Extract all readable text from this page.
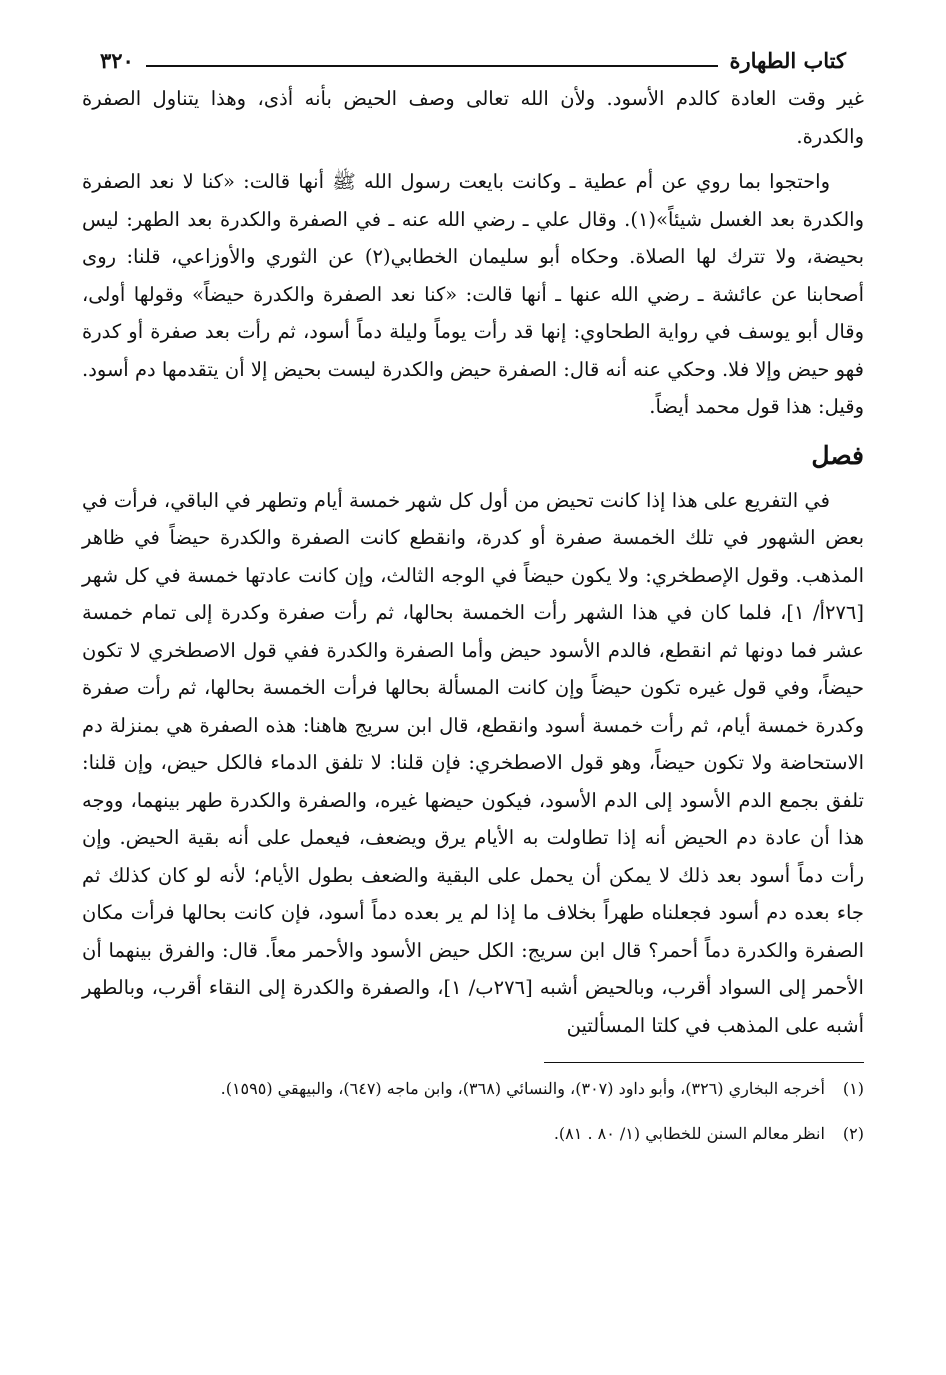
كتاب الطهارة
٣٢٠

غير وقت العادة كالدم الأسود. ولأن الله تعالى وصف الحيض بأنه أذى، وهذا يتناول الصفرة والكدرة.

واحتجوا بما روي عن أم عطية ـ وكانت بايعت رسول الله ﷺ أنها قالت: «كنا لا نعد الصفرة والكدرة بعد الغسل شيئاً»(١). وقال علي ـ رضي الله عنه ـ في الصفرة والكدرة بعد الطهر: ليس بحيضة، ولا تترك لها الصلاة. وحكاه أبو سليمان الخطابي(٢) عن الثوري والأوزاعي، قلنا: روى أصحابنا عن عائشة ـ رضي الله عنها ـ أنها قالت: «كنا نعد الصفرة والكدرة حيضاً» وقولها أولى، وقال أبو يوسف في رواية الطحاوي: إنها قد رأت يوماً وليلة دماً أسود، ثم رأت بعد صفرة أو كدرة فهو حيض وإلا فلا. وحكي عنه أنه قال: الصفرة حيض والكدرة ليست بحيض إلا أن يتقدمها دم أسود. وقيل: هذا قول محمد أيضاً.

فصل

في التفريع على هذا إذا كانت تحيض من أول كل شهر خمسة أيام وتطهر في الباقي، فرأت في بعض الشهور في تلك الخمسة صفرة أو كدرة، وانقطع كانت الصفرة والكدرة حيضاً في ظاهر المذهب. وقول الإصطخري: ولا يكون حيضاً في الوجه الثالث، وإن كانت عادتها خمسة في كل شهر [٢٧٦أ/ ١]، فلما كان في هذا الشهر رأت الخمسة بحالها، ثم رأت صفرة وكدرة إلى تمام خمسة عشر فما دونها ثم انقطع، فالدم الأسود حيض وأما الصفرة والكدرة ففي قول الاصطخري لا تكون حيضاً، وفي قول غيره تكون حيضاً وإن كانت المسألة بحالها فرأت الخمسة بحالها، ثم رأت صفرة وكدرة خمسة أيام، ثم رأت خمسة أسود وانقطع، قال ابن سريج هاهنا: هذه الصفرة هي بمنزلة دم الاستحاضة ولا تكون حيضاً، وهو قول الاصطخري: فإن قلنا: لا تلفق الدماء فالكل حيض، وإن قلنا: تلفق بجمع الدم الأسود إلى الدم الأسود، فيكون حيضها غيره، والصفرة والكدرة طهر بينهما، ووجه هذا أن عادة دم الحيض أنه إذا تطاولت به الأيام يرق ويضعف، فيعمل على أنه بقية الحيض. وإن رأت دماً أسود بعد ذلك لا يمكن أن يحمل على البقية والضعف بطول الأيام؛ لأنه لو كان كذلك ثم جاء بعده دم أسود فجعلناه طهراً بخلاف ما إذا لم ير بعده دماً أسود، فإن كانت بحالها فرأت مكان الصفرة والكدرة دماً أحمر؟ قال ابن سريج: الكل حيض الأسود والأحمر معاً. قال: والفرق بينهما أن الأحمر إلى السواد أقرب، وبالحيض أشبه [٢٧٦ب/ ١]، والصفرة والكدرة إلى النقاء أقرب، وبالطهر أشبه على المذهب في كلتا المسألتين

(١) أخرجه البخاري (٣٢٦)، وأبو داود (٣٠٧)، والنسائي (٣٦٨)، وابن ماجه (٦٤٧)، والبيهقي (١٥٩٥).

(٢) انظر معالم السنن للخطابي (١/ ٨٠ . ٨١).
